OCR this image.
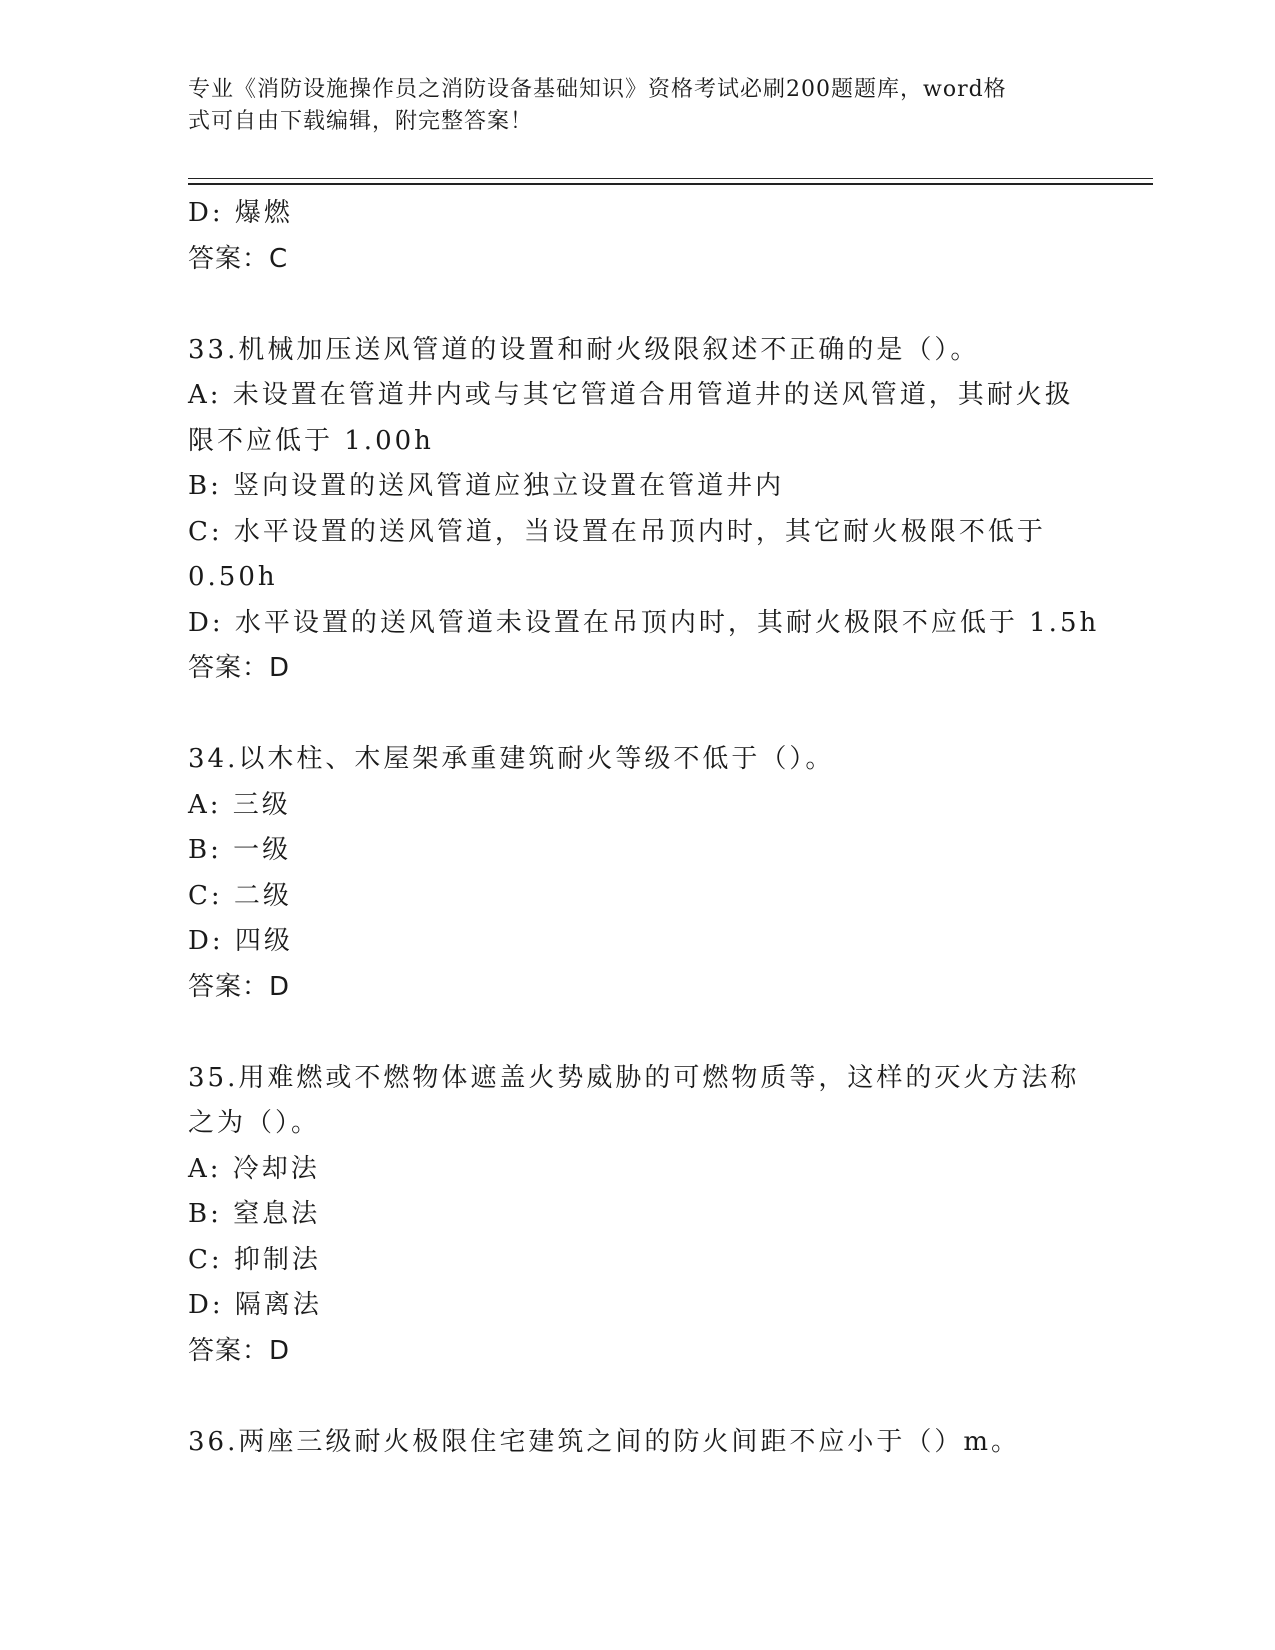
专业《消防设施操作员之消防设备基础知识》资格考试必刷200题题库，word格
式可自由下载编辑，附完整答案！
D: 爆燃
答案：C
33.机械加压送风管道的设置和耐火级限叙述不正确的是（）。
A: 未设置在管道井内或与其它管道合用管道井的送风管道，其耐火扱
限不应低于 1.00h
B: 竖向设置的送风管道应独立设置在管道井内
C: 水平设置的送风管道，当设置在吊顶内时，其它耐火极限不低于
0.50h
D: 水平设置的送风管道未设置在吊顶内时，其耐火极限不应低于 1.5h
答案：D
34.以木柱、木屋架承重建筑耐火等级不低于（）。
A: 三级
B: 一级
C: 二级
D: 四级
答案：D
35.用难燃或不燃物体遮盖火势威胁的可燃物质等，这样的灭火方法称
之为（）。
A: 冷却法
B: 窒息法
C: 抑制法
D: 隔离法
答案：D
36.两座三级耐火极限住宅建筑之间的防火间距不应小于（）m。
